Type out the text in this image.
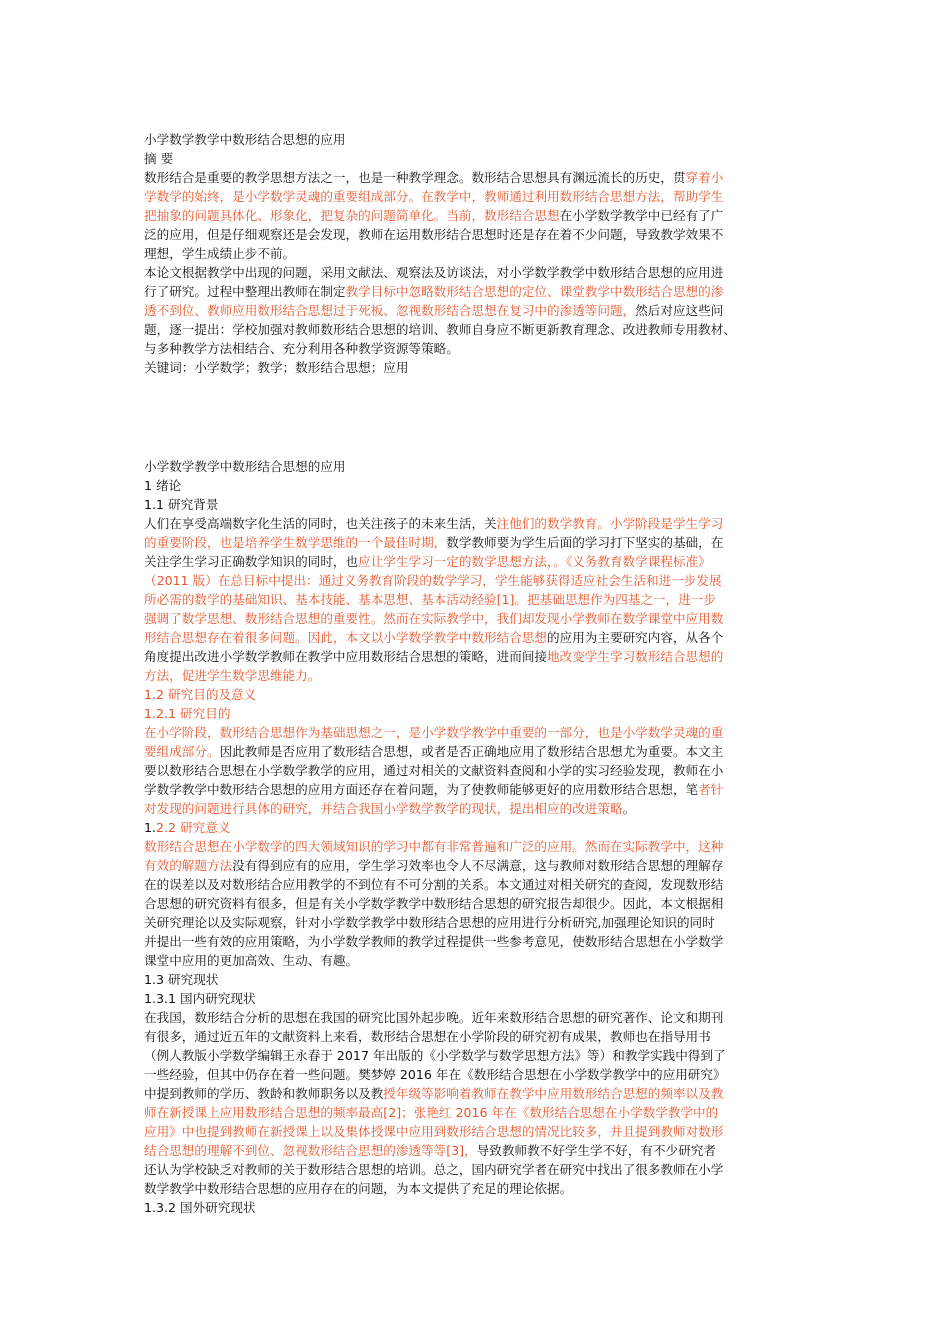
小学数学教学中数形结合思想的应用
摘 要
数形结合是重要的教学思想方法之一，也是一种教学理念。数形结合思想具有渊远流长的历史，贯穿着小
学数学的始终，是小学数学灵魂的重要组成部分。在教学中，教师通过利用数形结合思想方法，帮助学生
把抽象的问题具体化、形象化，把复杂的问题简单化。当前，数形结合思想在小学数学教学中已经有了广
泛的应用，但是仔细观察还是会发现，教师在运用数形结合思想时还是存在着不少问题，导致教学效果不
理想，学生成绩止步不前。
本论文根据教学中出现的问题，采用文献法、观察法及访谈法，对小学数学教学中数形结合思想的应用进
行了研究。过程中整理出教师在制定教学目标中忽略数形结合思想的定位、课堂教学中数形结合思想的渗
透不到位、教师应用数形结合思想过于死板、忽视数形结合思想在复习中的渗透等问题，然后对应这些问
题，逐一提出：学校加强对教师数形结合思想的培训、教师自身应不断更新教育理念、改进教师专用教材、
与多种教学方法相结合、充分利用各种教学资源等策略。
关键词：小学数学；教学；数形结合思想；应用
小学数学教学中数形结合思想的应用
1 绪论
1.1 研究背景
人们在享受高端数字化生活的同时，也关注孩子的未来生活，关注他们的数学教育。小学阶段是学生学习
的重要阶段，也是培养学生数学思维的一个最佳时期，数学教师要为学生后面的学习打下坚实的基础，在
关注学生学习正确数学知识的同时，也应让学生学习一定的数学思想方法，。《义务教育数学课程标准》
（2011 版）在总目标中提出：通过义务教育阶段的数学学习，学生能够获得适应社会生活和进一步发展
所必需的数学的基础知识、基本技能、基本思想、基本活动经验[1]。把基础思想作为四基之一，进一步
强调了数学思想、数形结合思想的重要性。然而在实际教学中，我们却发现小学教师在数学课堂中应用数
形结合思想存在着很多问题。因此，本文以小学数学教学中数形结合思想的应用为主要研究内容，从各个
角度提出改进小学数学教师在教学中应用数形结合思想的策略，进而间接地改变学生学习数形结合思想的
方法，促进学生数学思维能力。
1.2 研究目的及意义
1.2.1 研究目的
在小学阶段，数形结合思想作为基础思想之一，是小学数学教学中重要的一部分，也是小学数学灵魂的重
要组成部分。因此教师是否应用了数形结合思想，或者是否正确地应用了数形结合思想尤为重要。本文主
要以数形结合思想在小学数学教学的应用，通过对相关的文献资料查阅和小学的实习经验发现，教师在小
学数学教学中数形结合思想的应用方面还存在着问题，为了使教师能够更好的应用数形结合思想，笔者针
对发现的问题进行具体的研究，并结合我国小学数学教学的现状，提出相应的改进策略。
1.2.2 研究意义
数形结合思想在小学数学的四大领域知识的学习中都有非常普遍和广泛的应用。然而在实际教学中，这种
有效的解题方法没有得到应有的应用，学生学习效率也令人不尽满意，这与教师对数形结合思想的理解存
在的误差以及对数形结合应用教学的不到位有不可分割的关系。本文通过对相关研究的查阅，发现数形结
合思想的研究资料有很多，但是有关小学数学教学中数形结合思想的研究报告却很少。因此，本文根据相
关研究理论以及实际观察，针对小学数学教学中数形结合思想的应用进行分析研究,加强理论知识的同时
并提出一些有效的应用策略，为小学数学教师的教学过程提供一些参考意见，使数形结合思想在小学数学
课堂中应用的更加高效、生动、有趣。
1.3 研究现状
1.3.1 国内研究现状
在我国，数形结合分析的思想在我国的研究比国外起步晚。近年来数形结合思想的研究著作、论文和期刊
有很多，通过近五年的文献资料上来看，数形结合思想在小学阶段的研究初有成果，教师也在指导用书
（例人教版小学数学编辑王永春于 2017 年出版的《小学数学与数学思想方法》等）和教学实践中得到了
一些经验，但其中仍存在着一些问题。樊梦婷 2016 年在《数形结合思想在小学数学教学中的应用研究》
中提到教师的学历、教龄和教师职务以及教授年级等影响着教师在教学中应用数形结合思想的频率以及教
师在新授课上应用数形结合思想的频率最高[2]；张艳红 2016 年在《数形结合思想在小学数学教学中的
应用》中也提到教师在新授课上以及集体授课中应用到数形结合思想的情况比较多，并且提到教师对数形
结合思想的理解不到位、忽视数形结合思想的渗透等等[3]，导致教师教不好学生学不好，有不少研究者
还认为学校缺乏对教师的关于数形结合思想的培训。总之，国内研究学者在研究中找出了很多教师在小学
数学教学中数形结合思想的应用存在的问题，为本文提供了充足的理论依据。
1.3.2 国外研究现状
